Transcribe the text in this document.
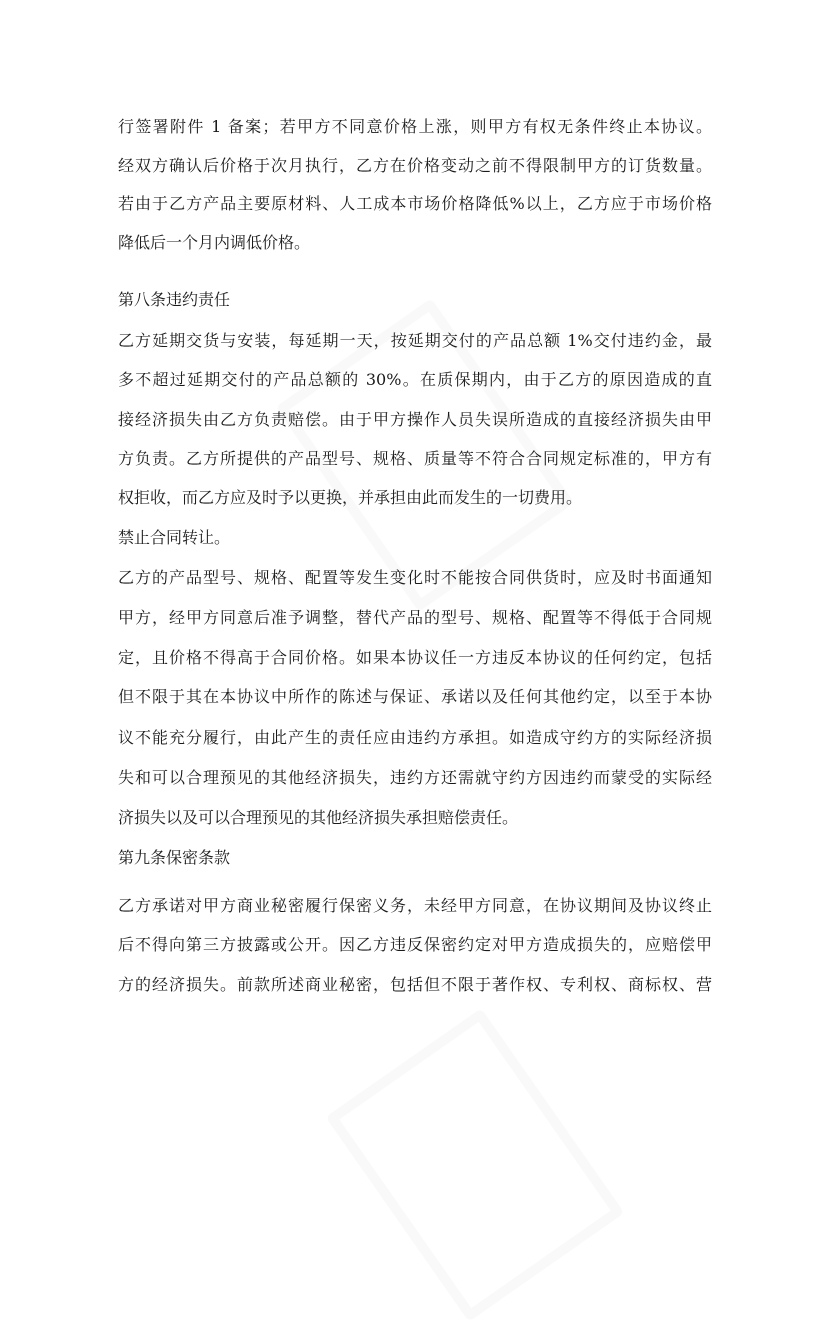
行签署附件 1 备案；若甲方不同意价格上涨，则甲方有权无条件终止本协议。
经双方确认后价格于次月执行，乙方在价格变动之前不得限制甲方的订货数量。
若由于乙方产品主要原材料、人工成本市场价格降低%以上，乙方应于市场价格
降低后一个月内调低价格。
第八条违约责任
乙方延期交货与安装，每延期一天，按延期交付的产品总额 1%交付违约金，最
多不超过延期交付的产品总额的 30%。在质保期内，由于乙方的原因造成的直
接经济损失由乙方负责赔偿。由于甲方操作人员失误所造成的直接经济损失由甲
方负责。乙方所提供的产品型号、规格、质量等不符合合同规定标准的，甲方有
权拒收，而乙方应及时予以更换，并承担由此而发生的一切费用。
禁止合同转让。
乙方的产品型号、规格、配置等发生变化时不能按合同供货时，应及时书面通知
甲方，经甲方同意后准予调整，替代产品的型号、规格、配置等不得低于合同规
定，且价格不得高于合同价格。如果本协议任一方违反本协议的任何约定，包括
但不限于其在本协议中所作的陈述与保证、承诺以及任何其他约定，以至于本协
议不能充分履行，由此产生的责任应由违约方承担。如造成守约方的实际经济损
失和可以合理预见的其他经济损失，违约方还需就守约方因违约而蒙受的实际经
济损失以及可以合理预见的其他经济损失承担赔偿责任。
第九条保密条款
乙方承诺对甲方商业秘密履行保密义务，未经甲方同意，在协议期间及协议终止
后不得向第三方披露或公开。因乙方违反保密约定对甲方造成损失的，应赔偿甲
方的经济损失。前款所述商业秘密，包括但不限于著作权、专利权、商标权、营
